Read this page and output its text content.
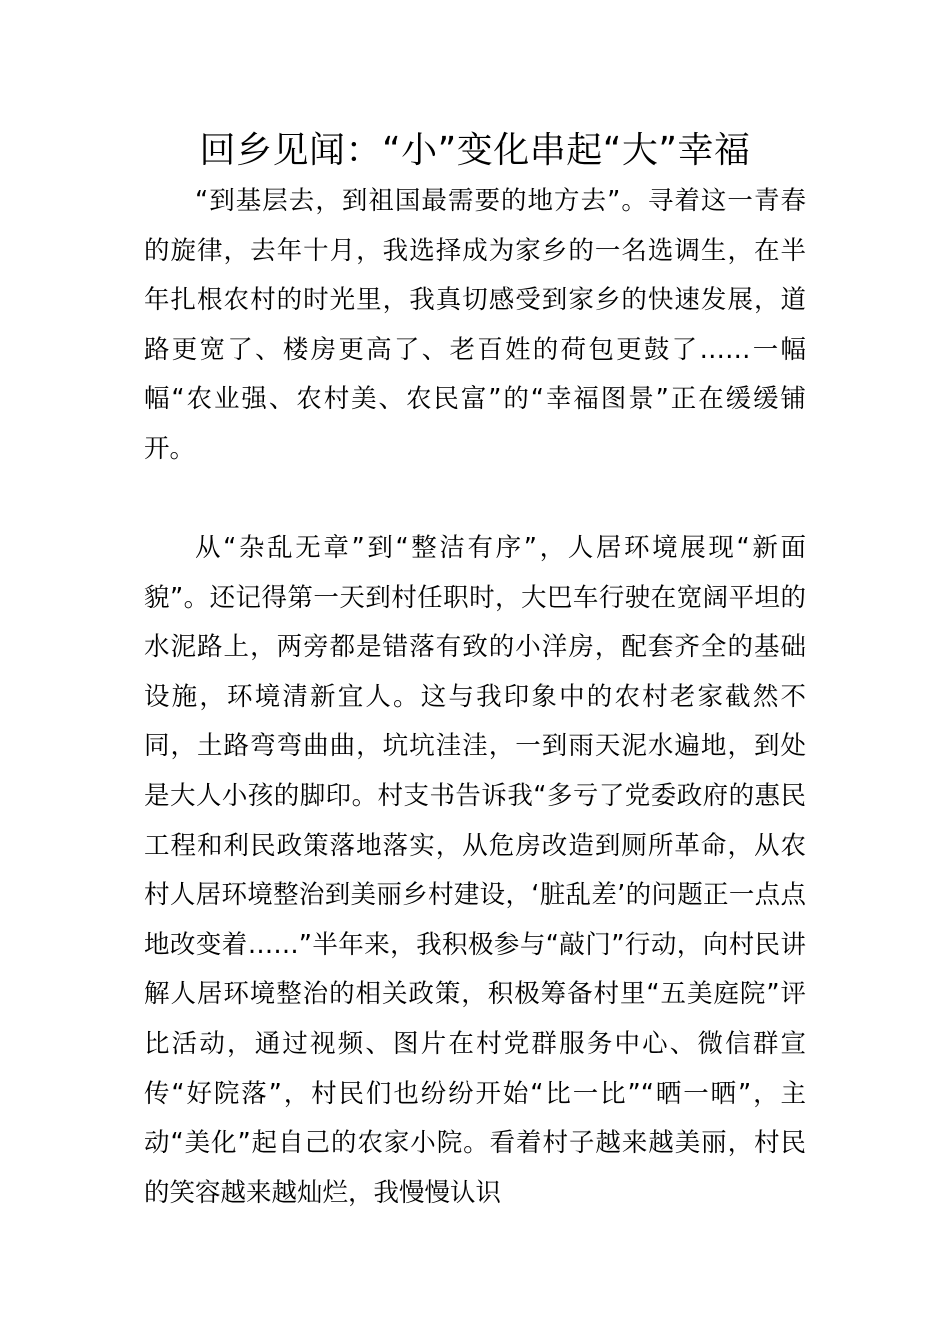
回乡见闻：“小”变化串起“大”幸福

“到基层去，到祖国最需要的地方去”。寻着这一青春的旋律，去年十月，我选择成为家乡的一名选调生，在半年扎根农村的时光里，我真切感受到家乡的快速发展，道路更宽了、楼房更高了、老百姓的荷包更鼓了……一幅幅“农业强、农村美、农民富”的“幸福图景”正在缓缓铺开。

从“杂乱无章”到“整洁有序”，人居环境展现“新面貌”。还记得第一天到村任职时，大巴车行驶在宽阔平坦的水泥路上，两旁都是错落有致的小洋房，配套齐全的基础设施，环境清新宜人。这与我印象中的农村老家截然不同，土路弯弯曲曲，坑坑洼洼，一到雨天泥水遍地，到处是大人小孩的脚印。村支书告诉我“多亏了党委政府的惠民工程和利民政策落地落实，从危房改造到厕所革命，从农村人居环境整治到美丽乡村建设，‘脏乱差’的问题正一点点地改变着……”半年来，我积极参与“敲门”行动，向村民讲解人居环境整治的相关政策，积极筹备村里“五美庭院”评比活动，通过视频、图片在村党群服务中心、微信群宣传“好院落”，村民们也纷纷开始“比一比”“晒一晒”，主动“美化”起自己的农家小院。看着村子越来越美丽，村民的笑容越来越灿烂，我慢慢认识
